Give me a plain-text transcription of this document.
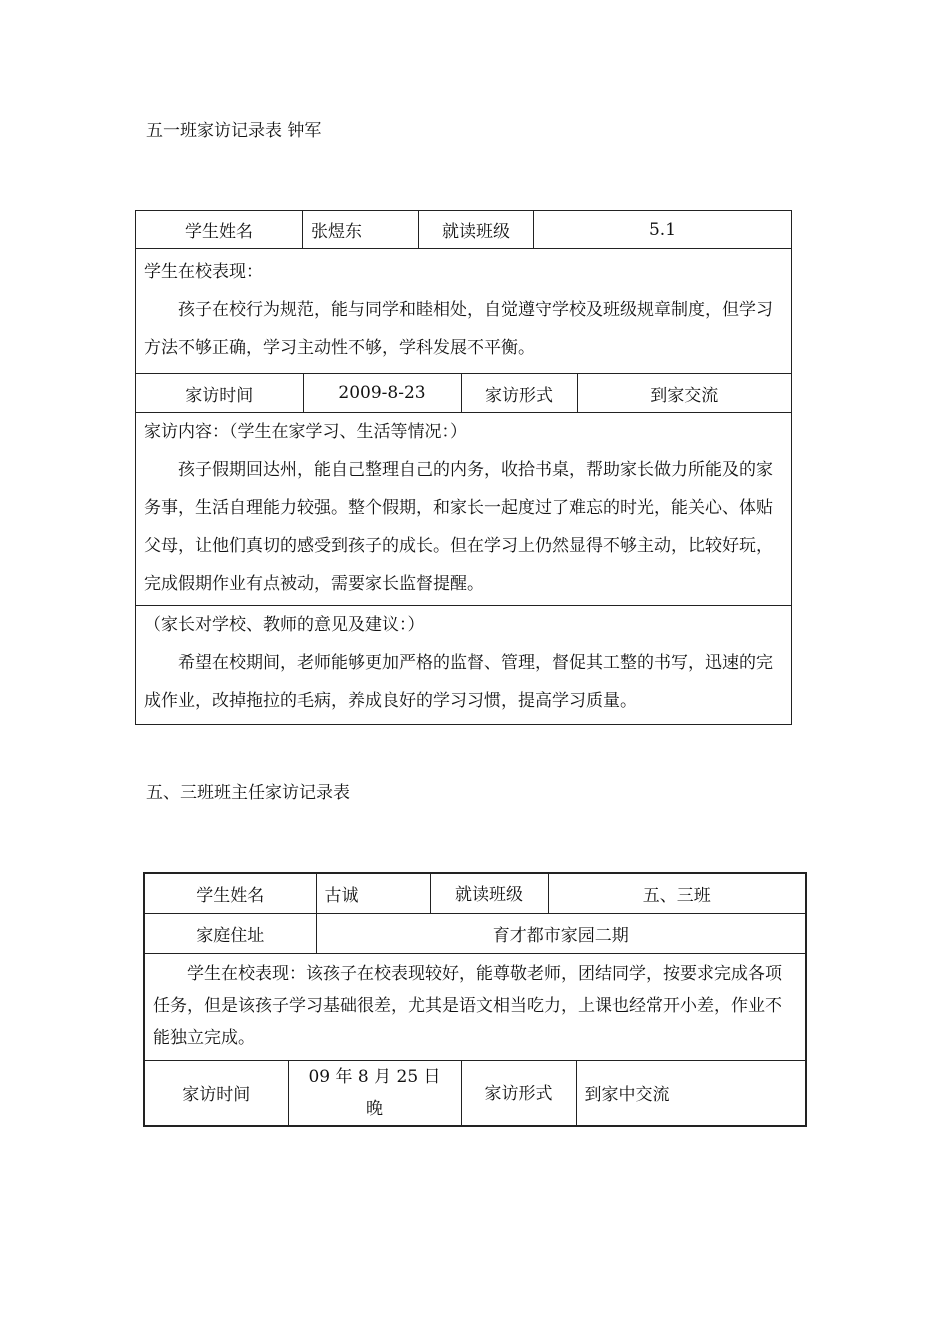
五一班家访记录表 钟军
学生姓名	张煜东	就读班级	5.1

学生在校表现：

孩子在校行为规范，能与同学和睦相处，自觉遵守学校及班级规章制度，但学习方法不够正确，学习主动性不够，学科发展不平衡。

家访时间	2009-8-23	家访形式	到家交流

家访内容：（学生在家学习、生活等情况：）

孩子假期回达州，能自己整理自己的内务，收拾书桌，帮助家长做力所能及的家务事，生活自理能力较强。整个假期，和家长一起度过了难忘的时光，能关心、体贴父母，让他们真切的感受到孩子的成长。但在学习上仍然显得不够主动，比较好玩，完成假期作业有点被动，需要家长监督提醒。

（家长对学校、教师的意见及建议：）

希望在校期间，老师能够更加严格的监督、管理，督促其工整的书写，迅速的完成作业，改掉拖拉的毛病，养成良好的学习习惯，提高学习质量。

五、三班班主任家访记录表
学生姓名	古诚	就读班级	五、三班
家庭住址	育才都市家园二期

学生在校表现：该孩子在校表现较好，能尊敬老师，团结同学，按要求完成各项任务，但是该孩子学习基础很差，尤其是语文相当吃力，上课也经常开小差，作业不能独立完成。

家访时间	09 年 8 月 25 日晚	家访形式	到家中交流
